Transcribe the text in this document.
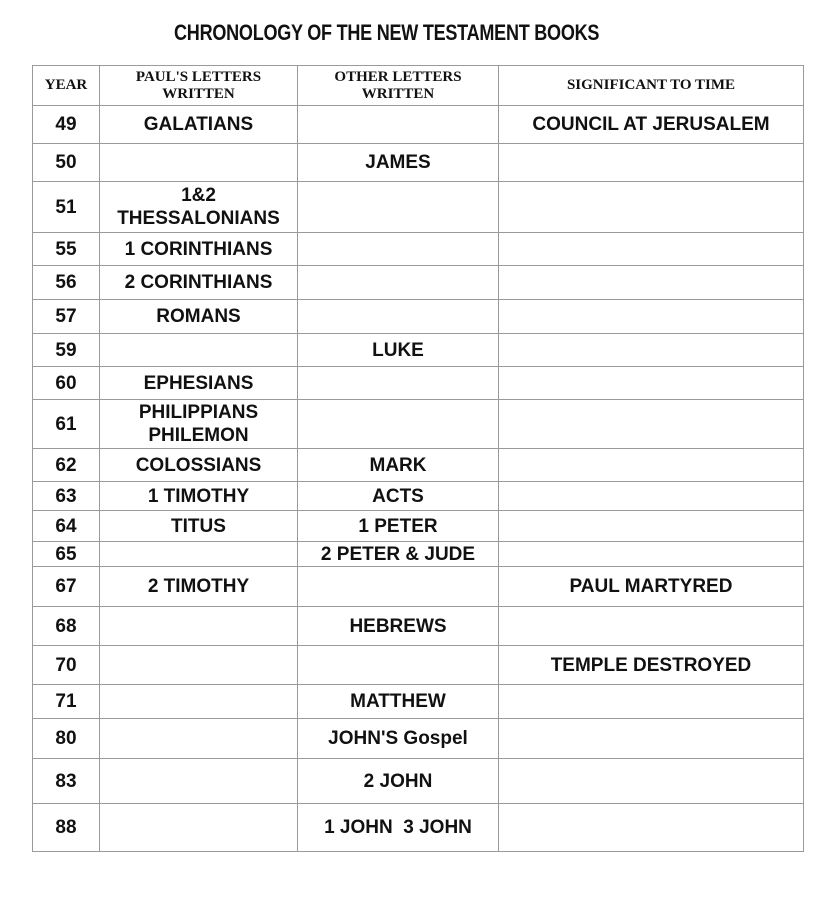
CHRONOLOGY OF THE NEW TESTAMENT BOOKS
YEAR	PAUL'S LETTERS WRITTEN	OTHER LETTERS WRITTEN	SIGNIFICANT TO TIME
49	GALATIANS		COUNCIL AT JERUSALEM
50		JAMES	
51	1&2 THESSALONIANS		
55	1 CORINTHIANS		
56	2 CORINTHIANS		
57	ROMANS		
59		LUKE	
60	EPHESIANS		
61	PHILIPPIANS PHILEMON		
62	COLOSSIANS	MARK	
63	1 TIMOTHY	ACTS	
64	TITUS	1 PETER	
65		2 PETER & JUDE	
67	2 TIMOTHY		PAUL MARTYRED
68		HEBREWS	
70			TEMPLE DESTROYED
71		MATTHEW	
80		JOHN'S Gospel	
83		2 JOHN	
88		1 JOHN  3 JOHN	
